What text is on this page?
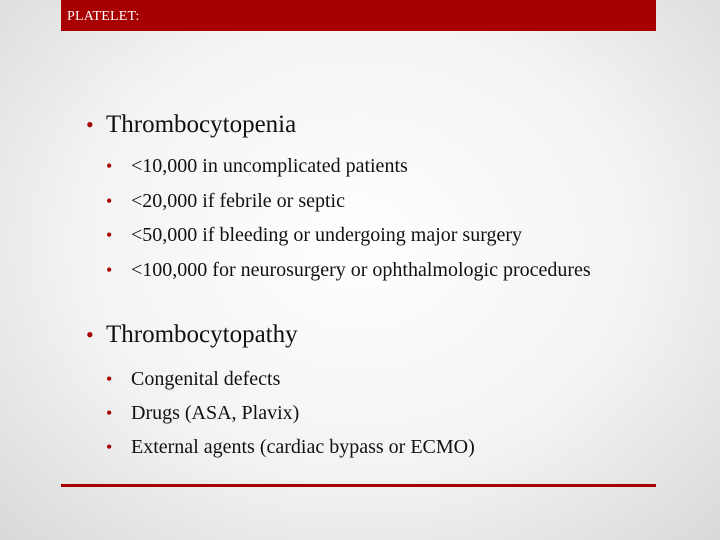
PLATELET:
• Thrombocytopenia
• <10,000 in uncomplicated patients
• <20,000 if febrile or septic
• <50,000 if bleeding or undergoing major surgery
• <100,000 for neurosurgery or ophthalmologic procedures
• Thrombocytopathy
• Congenital defects
• Drugs (ASA, Plavix)
• External agents (cardiac bypass or ECMO)
